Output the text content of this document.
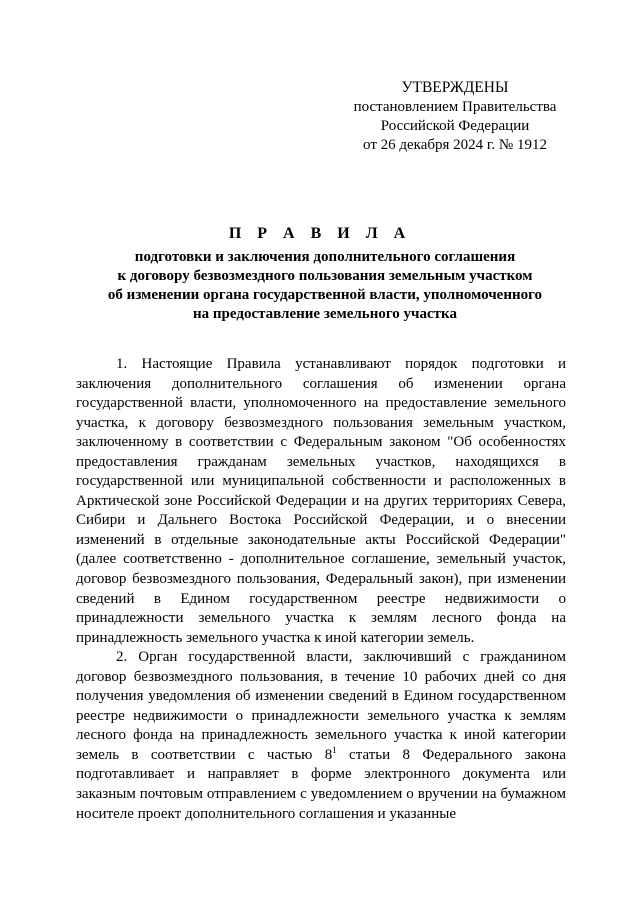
УТВЕРЖДЕНЫ
постановлением Правительства
Российской Федерации
от 26 декабря 2024 г. № 1912
П Р А В И Л А
подготовки и заключения дополнительного соглашения
к договору безвозмездного пользования земельным участком
об изменении органа государственной власти, уполномоченного
на предоставление земельного участка

1. Настоящие Правила устанавливают порядок подготовки и заключения дополнительного соглашения об изменении органа государственной власти, уполномоченного на предоставление земельного участка, к договору безвозмездного пользования земельным участком, заключенному в соответствии с Федеральным законом "Об особенностях предоставления гражданам земельных участков, находящихся в государственной или муниципальной собственности и расположенных в Арктической зоне Российской Федерации и на других территориях Севера, Сибири и Дальнего Востока Российской Федерации, и о внесении изменений в отдельные законодательные акты Российской Федерации" (далее соответственно - дополнительное соглашение, земельный участок, договор безвозмездного пользования, Федеральный закон), при изменении сведений в Едином государственном реестре недвижимости о принадлежности земельного участка к землям лесного фонда на принадлежность земельного участка к иной категории земель.

2. Орган государственной власти, заключивший с гражданином договор безвозмездного пользования, в течение 10 рабочих дней со дня получения уведомления об изменении сведений в Едином государственном реестре недвижимости о принадлежности земельного участка к землям лесного фонда на принадлежность земельного участка к иной категории земель в соответствии с частью $8^1$ статьи 8 Федерального закона подготавливает и направляет в форме электронного документа или заказным почтовым отправлением с уведомлением о вручении на бумажном носителе проект дополнительного соглашения и указанные
